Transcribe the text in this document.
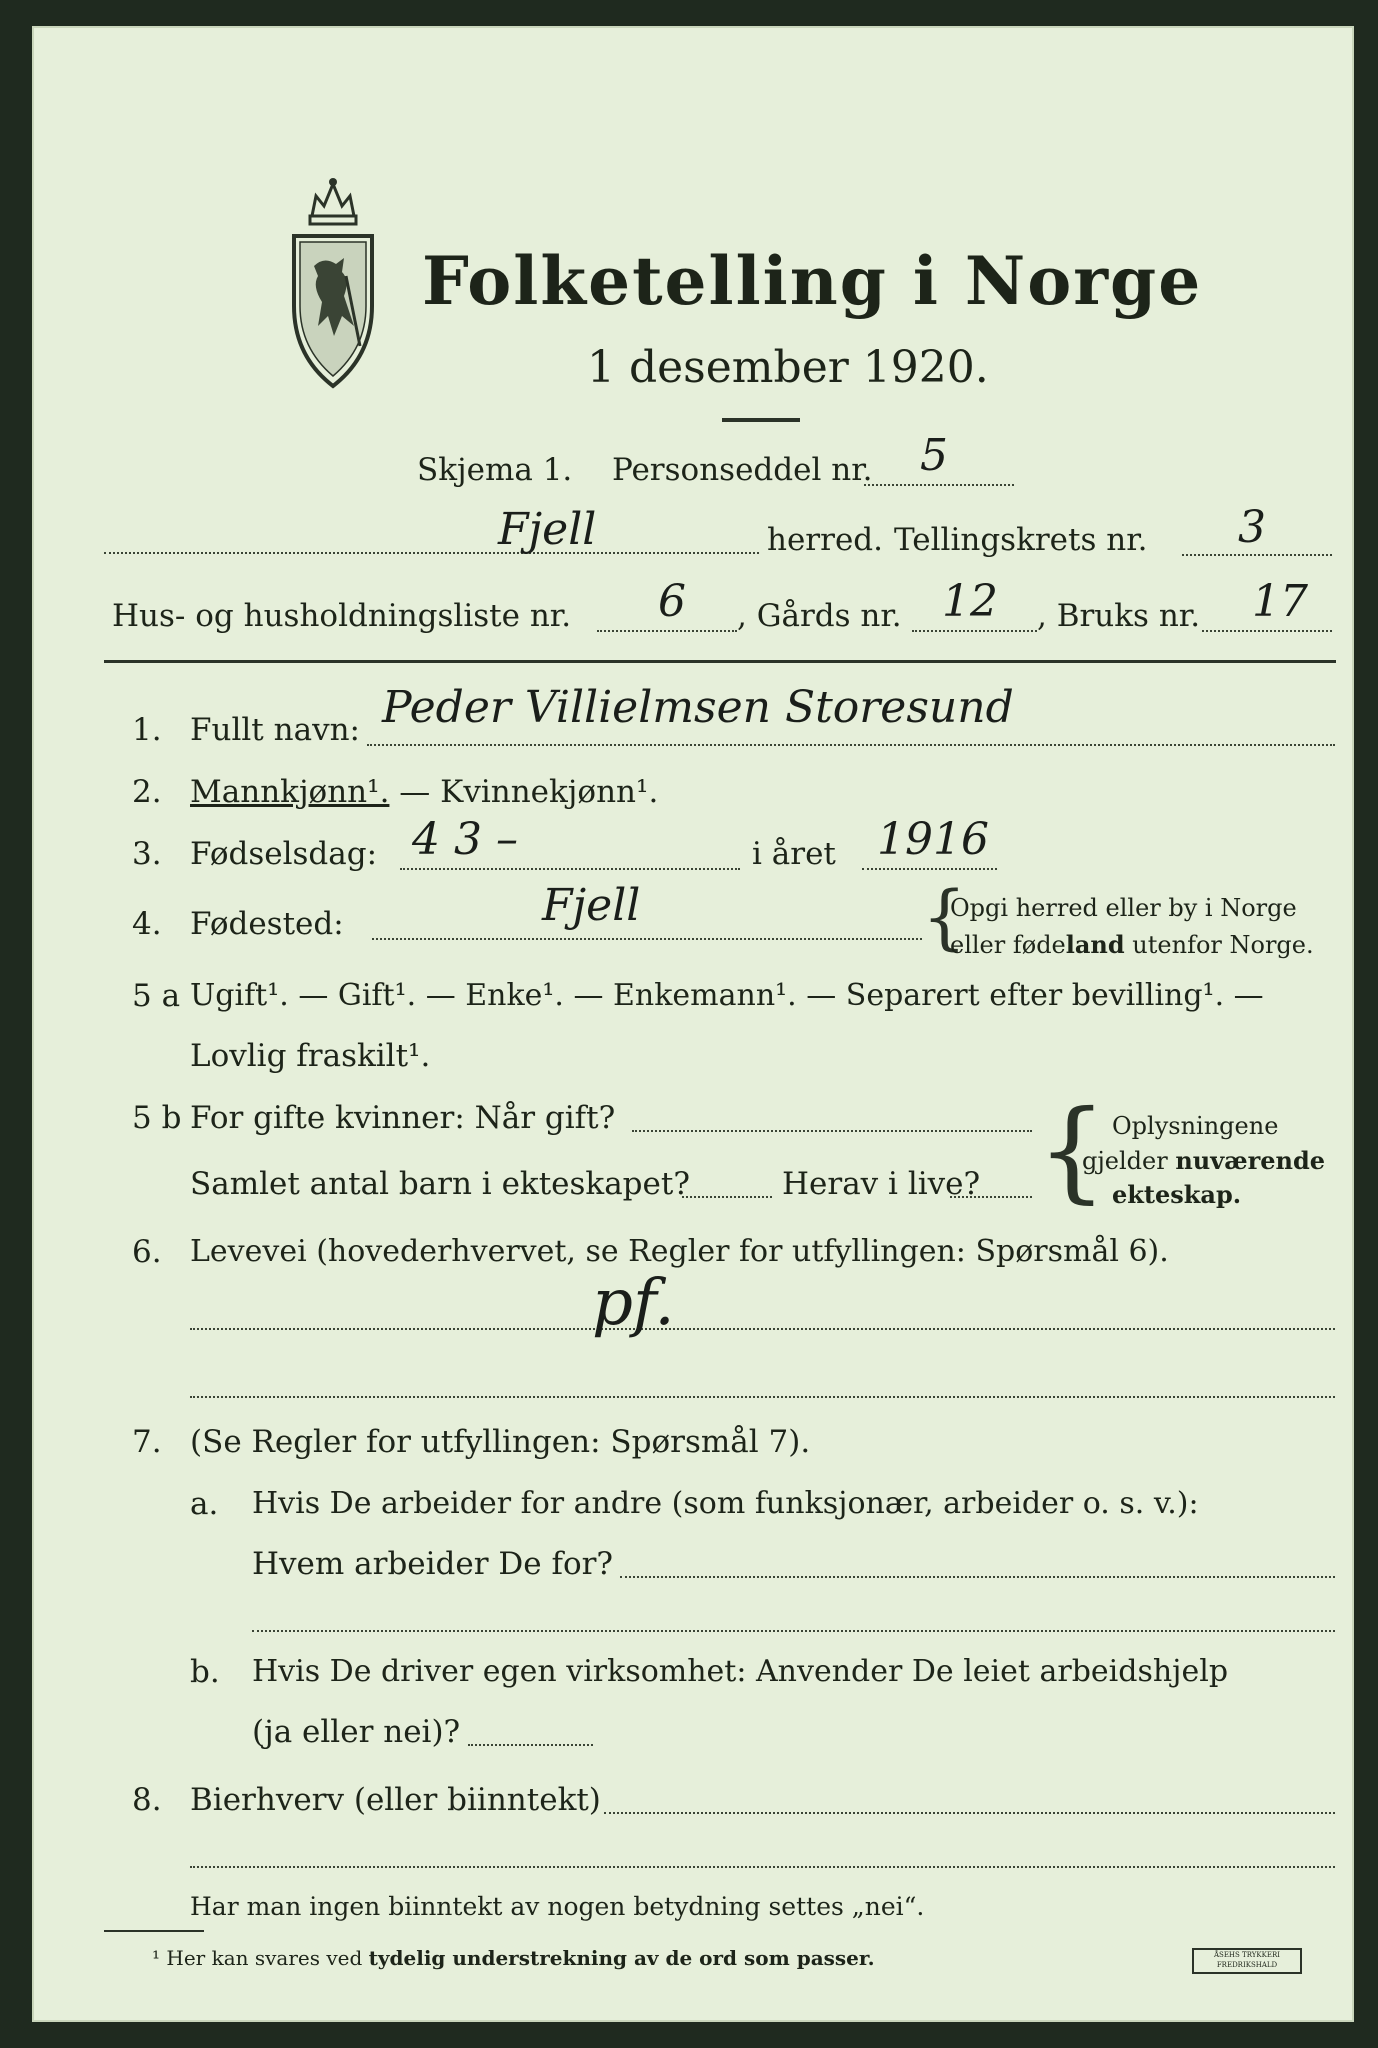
Folketelling i Norge
1 desember 1920.
Skjema 1. Personseddel nr. 5
Fjell	herred. Tellingskrets nr. 3
Hus- og husholdningsliste nr. 6 , Gårds nr. 12 , Bruks nr. 17
1. Fullt navn: Peder Villielmsen Storesund
2. Mannkjønn¹. — Kvinnekjønn¹.
3. Fødselsdag: 4 3 –	i året 1916
4. Fødested:	Fjell	{
Opgi herred eller by i Norge
eller fødeland utenfor Norge.
5 a Ugift¹. — Gift¹. — Enke¹. — Enkemann¹. — Separert efter bevilling¹. —
Lovlig fraskilt¹.
5 b For gifte kvinner: Når gift?
Samlet antal barn i ekteskapet?	Herav i live? { Oplysningene
gjelder nuværende
ekteskap.
6. Levevei (hovederhvervet, se Regler for utfyllingen: Spørsmål 6).
pf.
7. (Se Regler for utfyllingen: Spørsmål 7).
a. Hvis De arbeider for andre (som funksjonær, arbeider o. s. v.):
Hvem arbeider De for?
b. Hvis De driver egen virksomhet: Anvender De leiet arbeidshjelp
(ja eller nei)?
8. Bierhverv (eller biinntekt)
Har man ingen biinntekt av nogen betydning settes „nei“.
¹ Her kan svares ved tydelig understrekning av de ord som passer.	ÅSEHS TRYKKERI FREDRIKSHALD
